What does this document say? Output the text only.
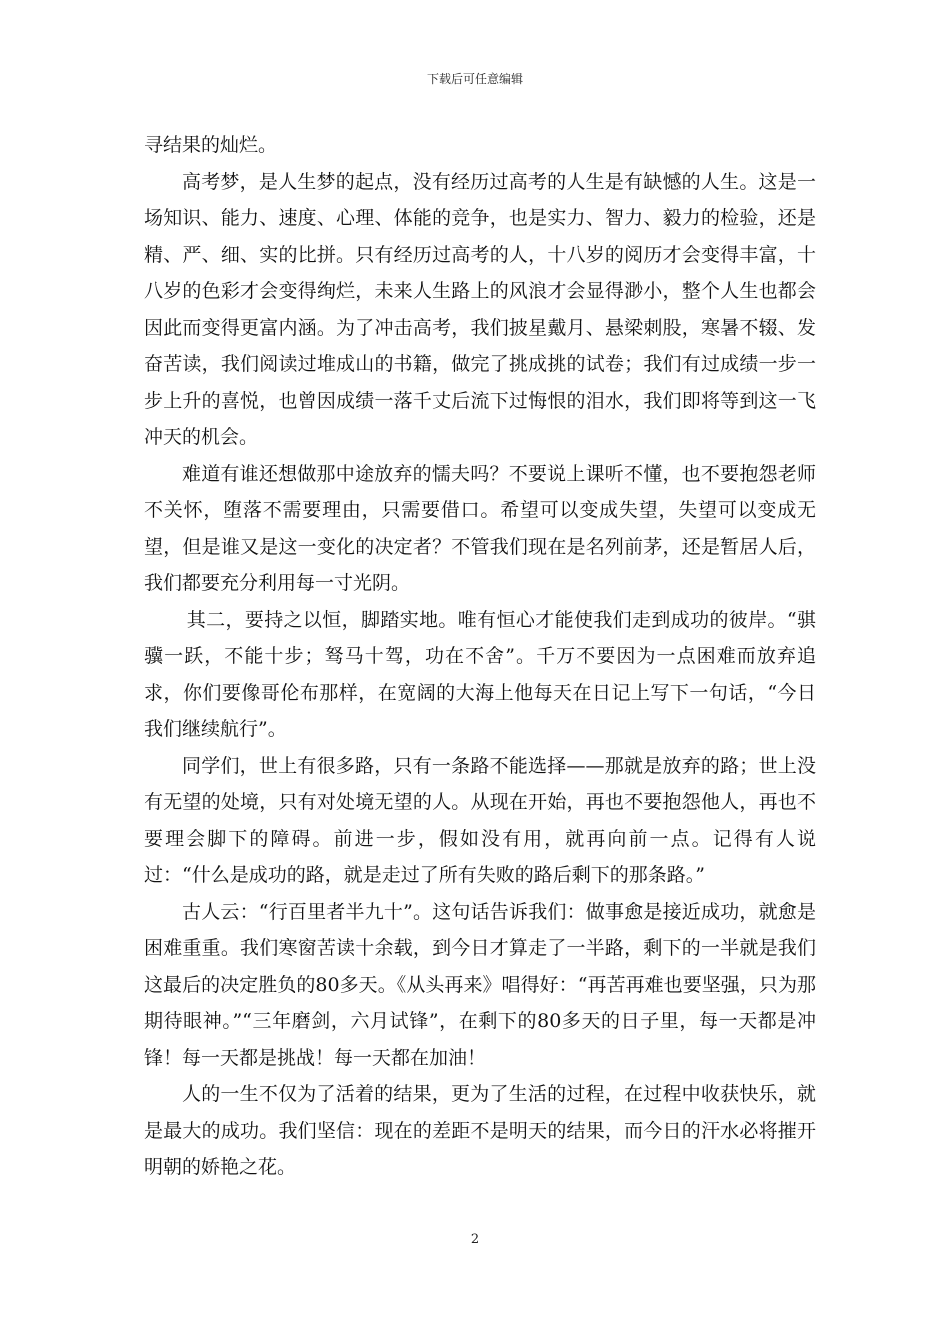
下载后可任意编辑

寻结果的灿烂。

高考梦，是人生梦的起点，没有经历过高考的人生是有缺憾的人生。这是一场知识、能力、速度、心理、体能的竞争，也是实力、智力、毅力的检验，还是精、严、细、实的比拼。只有经历过高考的人，十八岁的阅历才会变得丰富，十八岁的色彩才会变得绚烂，未来人生路上的风浪才会显得渺小，整个人生也都会因此而变得更富内涵。为了冲击高考，我们披星戴月、悬梁刺股，寒暑不辍、发奋苦读，我们阅读过堆成山的书籍，做完了挑成挑的试卷；我们有过成绩一步一步上升的喜悦，也曾因成绩一落千丈后流下过悔恨的泪水，我们即将等到这一飞冲天的机会。

难道有谁还想做那中途放弃的懦夫吗？不要说上课听不懂，也不要抱怨老师不关怀，堕落不需要理由，只需要借口。希望可以变成失望，失望可以变成无望，但是谁又是这一变化的决定者？不管我们现在是名列前茅，还是暂居人后，我们都要充分利用每一寸光阴。

其二，要持之以恒，脚踏实地。唯有恒心才能使我们走到成功的彼岸。“骐骥一跃，不能十步；驽马十驾，功在不舍”。千万不要因为一点困难而放弃追求，你们要像哥伦布那样，在宽阔的大海上他每天在日记上写下一句话，“今日我们继续航行”。

同学们，世上有很多路，只有一条路不能选择——那就是放弃的路；世上没有无望的处境，只有对处境无望的人。从现在开始，再也不要抱怨他人，再也不要理会脚下的障碍。前进一步，假如没有用，就再向前一点。记得有人说过：“什么是成功的路，就是走过了所有失败的路后剩下的那条路。”

古人云：“行百里者半九十”。这句话告诉我们：做事愈是接近成功，就愈是困难重重。我们寒窗苦读十余载，到今日才算走了一半路，剩下的一半就是我们这最后的决定胜负的80多天。《从头再来》唱得好：“再苦再难也要坚强，只为那期待眼神。”“三年磨剑，六月试锋”，在剩下的80多天的日子里，每一天都是冲锋！每一天都是挑战！每一天都在加油！

人的一生不仅为了活着的结果，更为了生活的过程，在过程中收获快乐，就是最大的成功。我们坚信：现在的差距不是明天的结果，而今日的汗水必将摧开明朝的娇艳之花。

2
